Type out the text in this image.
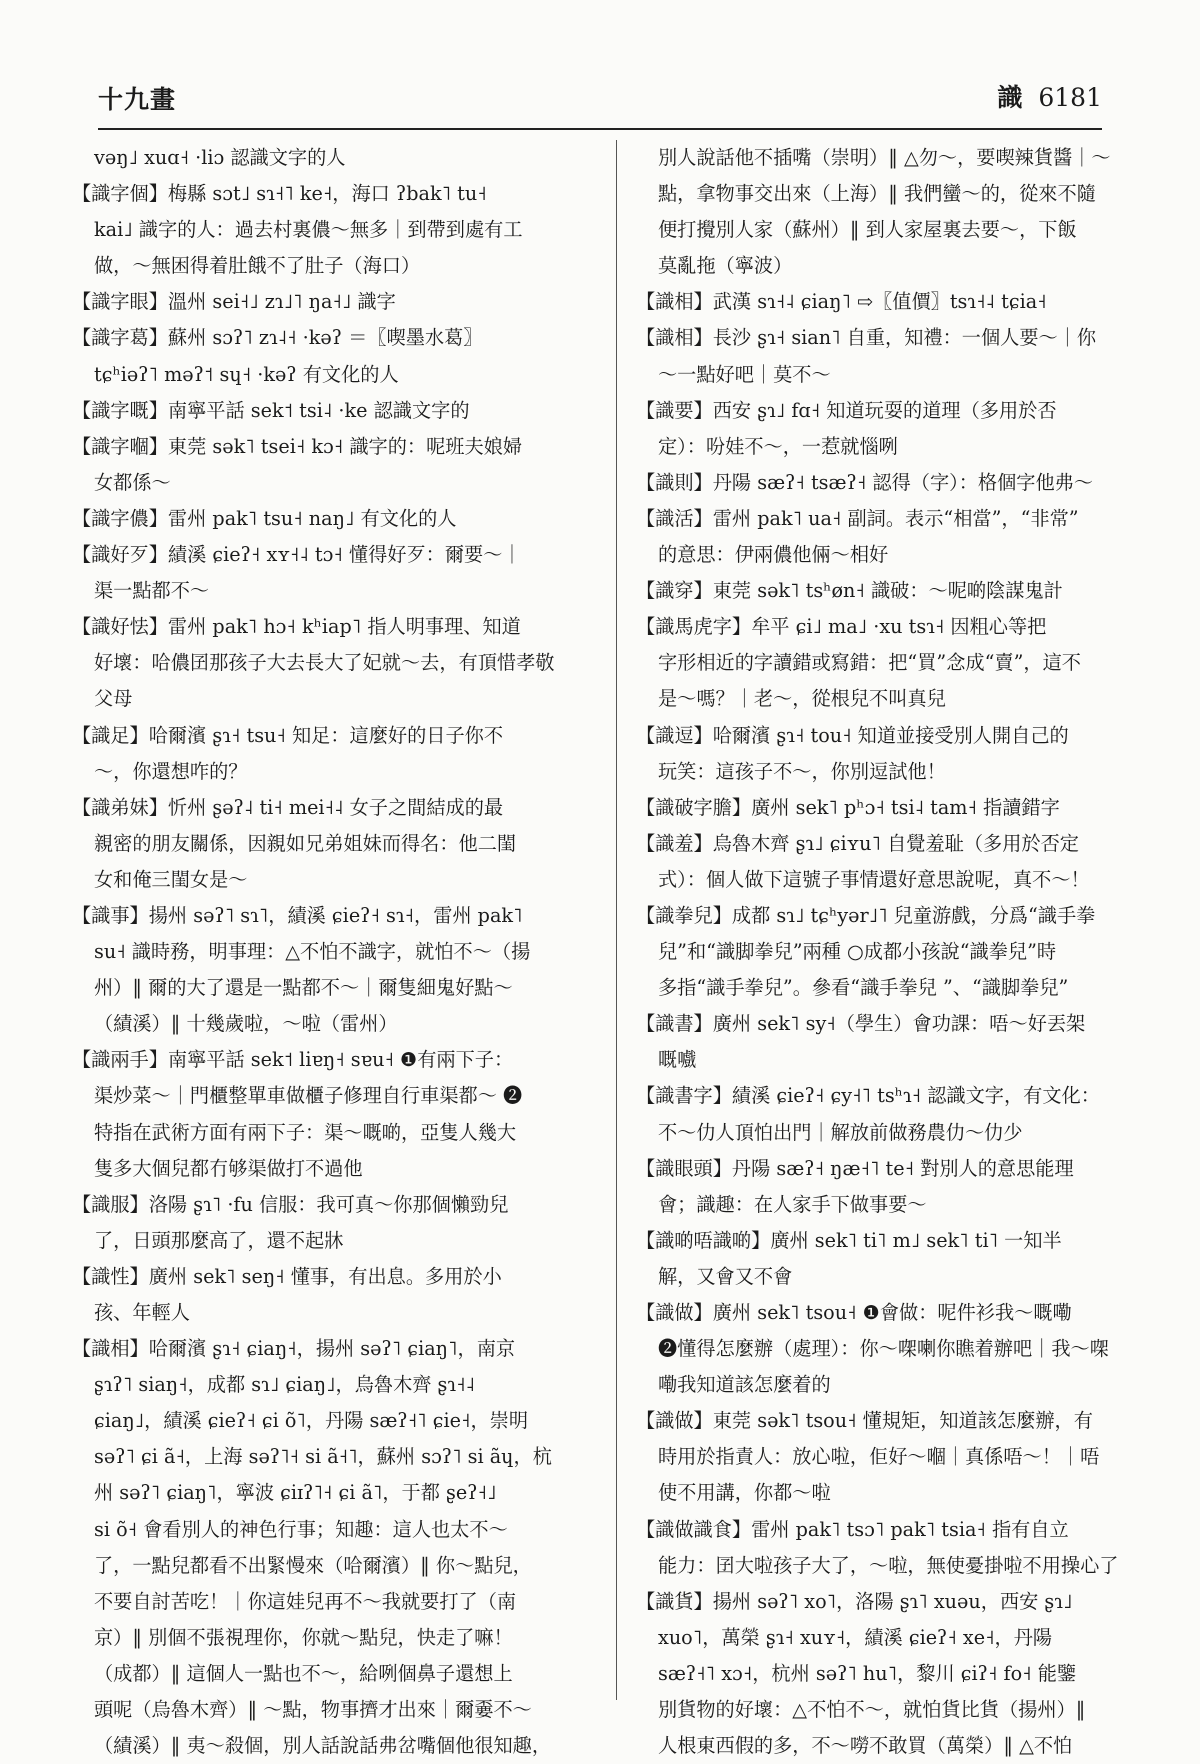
十九畫	識 6181
vəŋ˩ xuɑ˧ ·liɔ 認識文字的人
【識字個】梅縣 sɔt˩ sɿ˧˥ ke˧，海口 ʔbak˥ tu˧
kai˩ 識字的人：過去村裏儂～無多｜到帶到處有工
做，～無困得着肚餓不了肚子（海口）
【識字眼】溫州 sei˧˩ zɿ˩˥ ŋa˧˩ 識字
【識字葛】蘇州 sɔʔ˥ zɿ˨˧ ·kəʔ ＝〖喫墨水葛〗
tɕʰiəʔ˥ məʔ˦ sɥ˧ ·kəʔ 有文化的人
【識字嘅】南寧平話 sek˦ tsi˨ ·ke 認識文字的
【識字嗰】東莞 sək˥ tsei˧ kɔ˧ 識字的：呢班夫娘婦
女都係～
【識字儂】雷州 pak˥ tsu˧ naŋ˩ 有文化的人
【識好歹】績溪 ɕieʔ˧ xʏ˧˨ tɔ˧ 懂得好歹：爾要～｜
渠一點都不～
【識好怯】雷州 pak˥ hɔ˧ kʰiap˥ 指人明事理、知道
好壞：哈儂囝那孩子大去長大了妃就～去，有頂惜孝敬
父母
【識足】哈爾濱 ʂɿ˧ tsu˧ 知足：這麼好的日子你不
～，你還想咋的？
【識弟妹】忻州 ʂəʔ˨ ti˧ mei˧˨ 女子之間結成的最
親密的朋友關係，因親如兄弟姐妹而得名：他二閨
女和俺三閨女是～
【識事】揚州 səʔ˥ sɿ˥，績溪 ɕieʔ˧ sɿ˧，雷州 pak˥
su˧ 識時務，明事理：△不怕不識字，就怕不～（揚
州）‖ 爾的大了還是一點都不～｜爾隻細鬼好點～
（績溪）‖ 十幾歲啦，～啦（雷州）
【識兩手】南寧平話 sek˦ liɐŋ˧ sɐu˧ ❶有兩下子：
渠炒菜～｜門櫃整單車做櫃子修理自行車渠都～ ❷
特指在武術方面有兩下子：渠～嘅啲，亞隻人幾大
隻多大個兒都冇够渠做打不過他
【識服】洛陽 ʂɿ˥ ·fu 信服：我可真～你那個懶勁兒
了，日頭那麼高了，還不起牀
【識性】廣州 sek˥ seŋ˧ 懂事，有出息。多用於小
孩、年輕人
【識相】哈爾濱 ʂɿ˧ ɕiaŋ˧，揚州 səʔ˥ ɕiaŋ˥，南京
ʂɿʔ˥ siaŋ˧，成都 sɿ˩ ɕiaŋ˩，烏魯木齊 ʂɿ˧˨
ɕiaŋ˩，績溪 ɕieʔ˧ ɕi õ˥，丹陽 sæʔ˧˥ ɕie˧，崇明
səʔ˥ ɕi ã˧，上海 səʔ˥˧ si ã˧˥，蘇州 sɔʔ˥ si ãɥ，杭
州 səʔ˥ ɕiaŋ˥，寧波 ɕiɪʔ˥˧ ɕi ã˥，于都 ʂeʔ˧˩
si õ˧ 會看別人的神色行事；知趣：這人也太不～
了，一點兒都看不出緊慢來（哈爾濱）‖ 你～點兒，
不要自討苦吃！｜你這娃兒再不～我就要打了（南
京）‖ 別個不張視理你，你就～點兒，快走了嘛！
（成都）‖ 這個人一點也不～，給咧個鼻子還想上
頭呢（烏魯木齊）‖ ～點，物事擠才出來｜爾嫑不～
（績溪）‖ 夷～殺個，別人話說話弗岔嘴個他很知趣，
別人說話他不插嘴（崇明）‖ △勿～，要喫辣貨醬｜～
點，拿物事交出來（上海）‖ 我們蠻～的，從來不隨
便打攪別人家（蘇州）‖ 到人家屋裏去要～，下飯
莫亂拖（寧波）
【識相】武漢 sɿ˧˨ ɕiaŋ˥ ⇨〖值價〗tsɿ˧˨ tɕia˧
【識相】長沙 ʂɿ˧ sian˥ 自重，知禮：一個人要～｜你
～一點好吧｜莫不～
【識要】西安 ʂɿ˩ fɑ˧ 知道玩耍的道理（多用於否
定）：吩娃不～，一惹就惱咧
【識則】丹陽 sæʔ˧ tsæʔ˧ 認得（字）：格個字他弗～
【識活】雷州 pak˥ ua˧ 副詞。表示“相當”，“非常”
的意思：伊兩儂他倆～相好
【識穿】東莞 sək˥ tsʰøn˧ 識破：～呢啲陰謀鬼計
【識馬虎字】牟平 ɕi˩ ma˩ ·xu tsɿ˧ 因粗心等把
字形相近的字讀錯或寫錯：把“買”念成“賣”，這不
是～嗎？｜老～，從根兒不叫真兒
【識逗】哈爾濱 ʂɿ˧ tou˧ 知道並接受別人開自己的
玩笑：這孩子不～，你別逗試他！
【識破字膽】廣州 sek˥ pʰɔ˧ tsi˨ tam˧ 指讀錯字
【識羞】烏魯木齊 ʂɿ˩ ɕiʏu˥ 自覺羞耻（多用於否定
式）：個人做下這號子事情還好意思說呢，真不～！
【識拳兒】成都 sɿ˩ tɕʰyər˩˥ 兒童游戲，分爲“識手拳
兒”和“識脚拳兒”兩種 ○成都小孩說“識拳兒”時
多指“識手拳兒”。參看“識手拳兒 ”、“識脚拳兒”
【識書】廣州 sek˥ sy˧（學生）會功課：唔～好丟架
嘅嚱
【識書字】績溪 ɕieʔ˧ ɕy˧˥ tsʰɿ˧ 認識文字，有文化：
不～仂人頂怕出門｜解放前做務農仂～仂少
【識眼頭】丹陽 sæʔ˧ ŋæ˧˥ te˧ 對別人的意思能理
會；識趣：在人家手下做事要～
【識啲唔識啲】廣州 sek˥ ti˥ m˩ sek˥ ti˥ 一知半
解，又會又不會
【識做】廣州 sek˥ tsou˧ ❶會做：呢件衫我～嘅嘞
❷懂得怎麼辦（處理）：你～㗎喇你瞧着辦吧｜我～㗎
嘞我知道該怎麼着的
【識做】東莞 sək˥ tsou˧ 懂規矩，知道該怎麼辦，有
時用於指責人：放心啦，佢好～嗰｜真係唔～！｜唔
使不用講，你都～啦
【識做識食】雷州 pak˥ tsɔ˥ pak˥ tsia˧ 指有自立
能力：囝大啦孩子大了，～啦，無使憂掛啦不用操心了
【識貨】揚州 səʔ˥ xo˥，洛陽 ʂɿ˥ xuəu，西安 ʂɿ˩
xuo˥，萬榮 ʂɿ˧ xuʏ˧，績溪 ɕieʔ˧ xe˧，丹陽
sæʔ˧˥ xɔ˧，杭州 səʔ˥ hu˥，黎川 ɕiʔ˧ fo˧ 能鑒
別貨物的好壞：△不怕不～，就怕貨比貨（揚州）‖
人根東西假的多，不～嘮不敢買（萬榮）‖ △不怕
